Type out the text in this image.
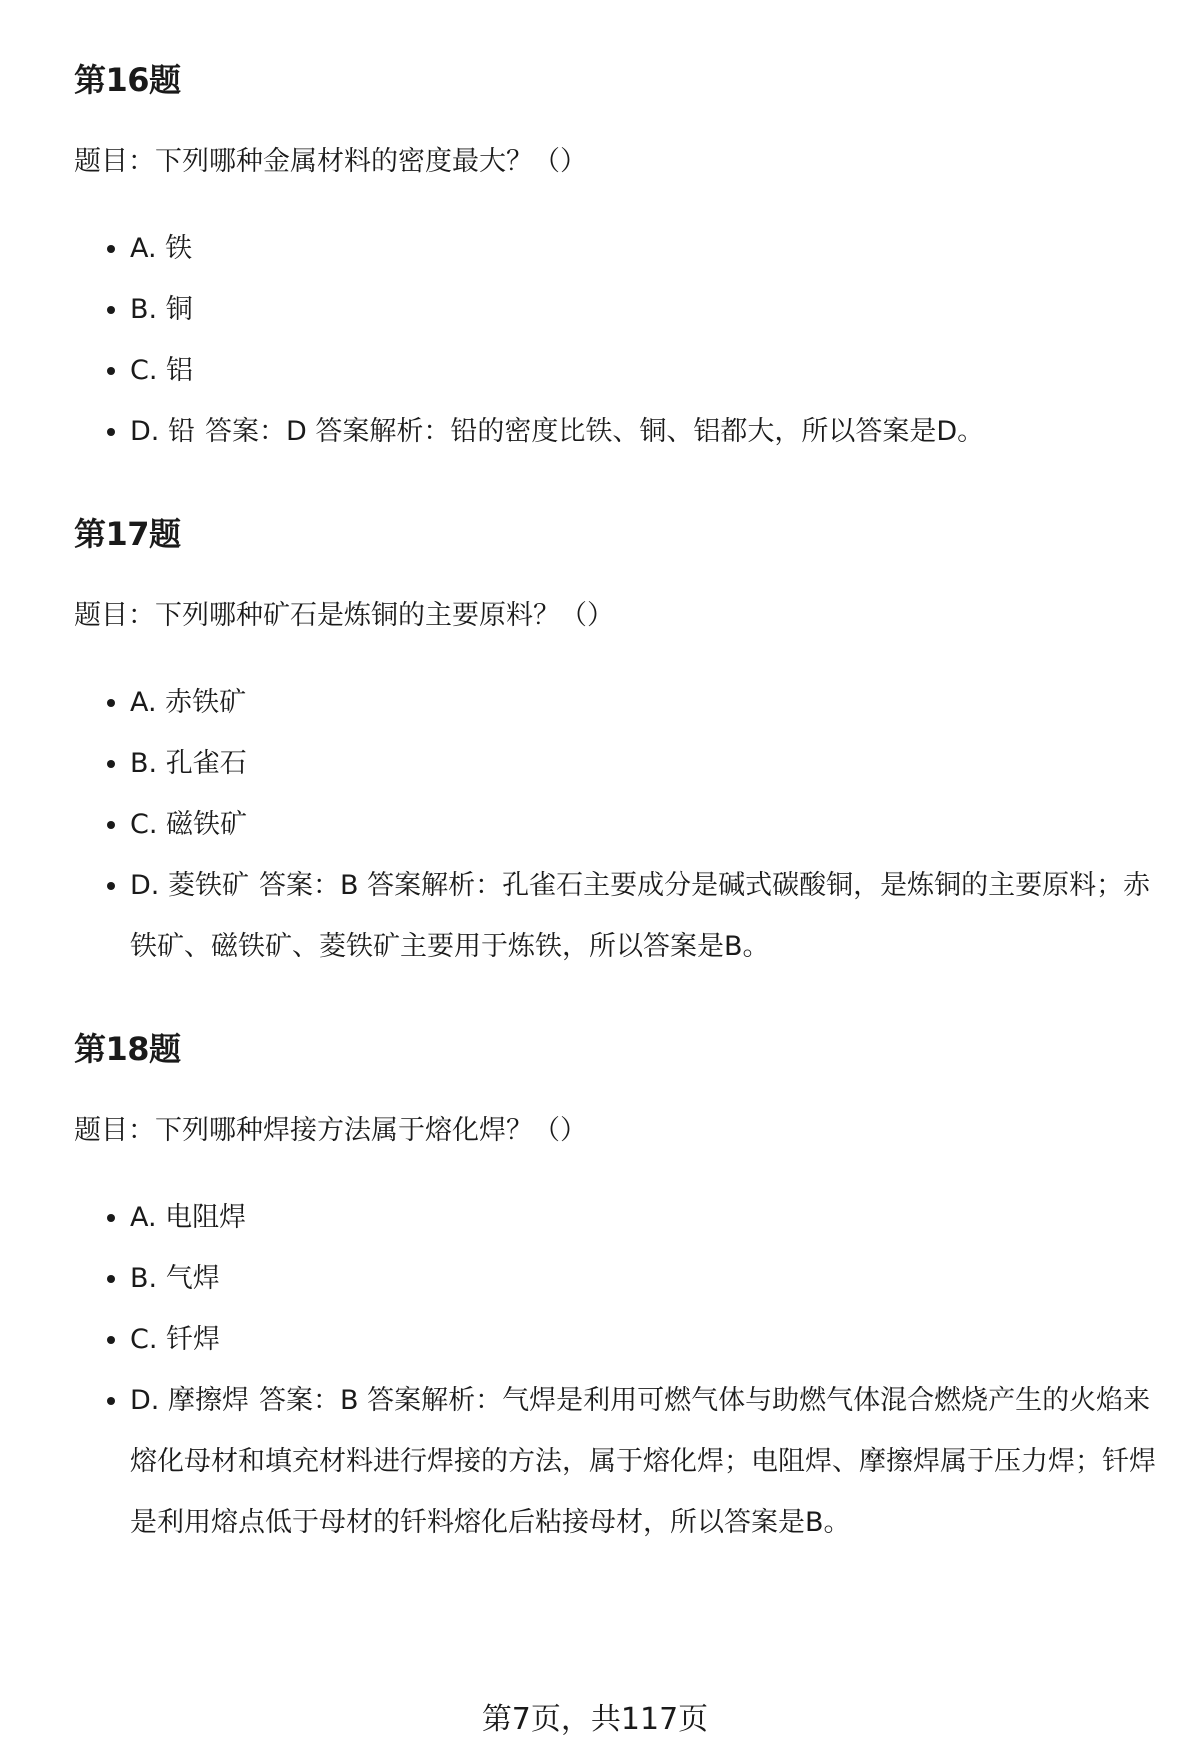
第16题

题目：下列哪种金属材料的密度最大？（）

A. 铁
B. 铜
C. 铝
D. 铅 答案：D 答案解析：铅的密度比铁、铜、铝都大，所以答案是D。
第17题

题目：下列哪种矿石是炼铜的主要原料？（）

A. 赤铁矿
B. 孔雀石
C. 磁铁矿
D. 菱铁矿 答案：B 答案解析：孔雀石主要成分是碱式碳酸铜，是炼铜的主要原料；赤铁矿、磁铁矿、菱铁矿主要用于炼铁，所以答案是B。
第18题

题目：下列哪种焊接方法属于熔化焊？（）

A. 电阻焊
B. 气焊
C. 钎焊
D. 摩擦焊 答案：B 答案解析：气焊是利用可燃气体与助燃气体混合燃烧产生的火焰来熔化母材和填充材料进行焊接的方法，属于熔化焊；电阻焊、摩擦焊属于压力焊；钎焊是利用熔点低于母材的钎料熔化后粘接母材，所以答案是B。
第7页，共117页
